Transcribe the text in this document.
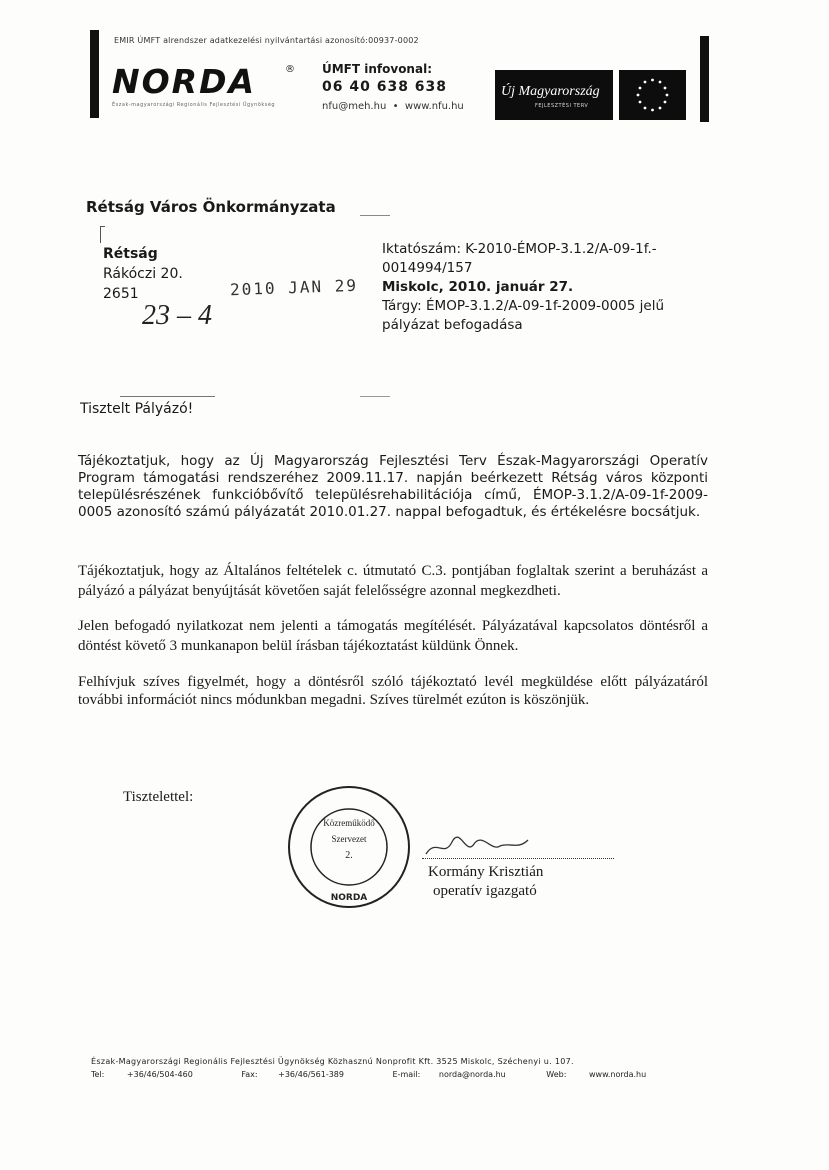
EMIR ÚMFT alrendszer adatkezelési nyilvántartási azonosító:00937-0002
NORDA	®
Észak-magyarországi Regionális Fejlesztési Ügynökség
ÚMFT infovonal:
06 40 638 638
nfu@meh.hu  •  www.nfu.hu
Új Magyarország
FEJLESZTÉSI TERV
Rétság Város Önkormányzata
Rétság
Rákóczi 20.
2651	2010 JAN 29
23 – 4
Iktatószám: K-2010-ÉMOP-3.1.2/A-09-1f.-
0014994/157
Miskolc, 2010. január 27.
Tárgy: ÉMOP-3.1.2/A-09-1f-2009-0005 jelű
pályázat befogadása
Tisztelt Pályázó!
Tájékoztatjuk, hogy az Új Magyarország Fejlesztési Terv Észak-Magyarországi Operatív Program támogatási rendszeréhez 2009.11.17. napján beérkezett Rétság város központi településrészének funkcióbővítő településrehabilitációja című, ÉMOP-3.1.2/A-09-1f-2009-0005 azonosító számú pályázatát 2010.01.27. nappal befogadtuk, és értékelésre bocsátjuk.
Tájékoztatjuk, hogy az Általános feltételek c. útmutató C.3. pontjában foglaltak szerint a beruházást a pályázó a pályázat benyújtását követően saját felelősségre azonnal megkezdheti.
Jelen befogadó nyilatkozat nem jelenti a támogatás megítélését. Pályázatával kapcsolatos döntésről a döntést követő 3 munkanapon belül írásban tájékoztatást küldünk Önnek.
Felhívjuk szíves figyelmét, hogy a döntésről szóló tájékoztató levél megküldése előtt pályázatáról további információt nincs módunkban megadni. Szíves türelmét ezúton is köszönjük.
Tisztelettel:
Közreműködő
Szervezet
2.
NORDA
Kormány Krisztián
operatív igazgató
Észak-Magyarországi Regionális Fejlesztési Ügynökség Közhasznú Nonprofit Kft. 3525 Miskolc, Széchenyi u. 107.
Tel:	+36/46/504-460	Fax:	+36/46/561-389	E-mail: norda@norda.hu	Web:	www.norda.hu
